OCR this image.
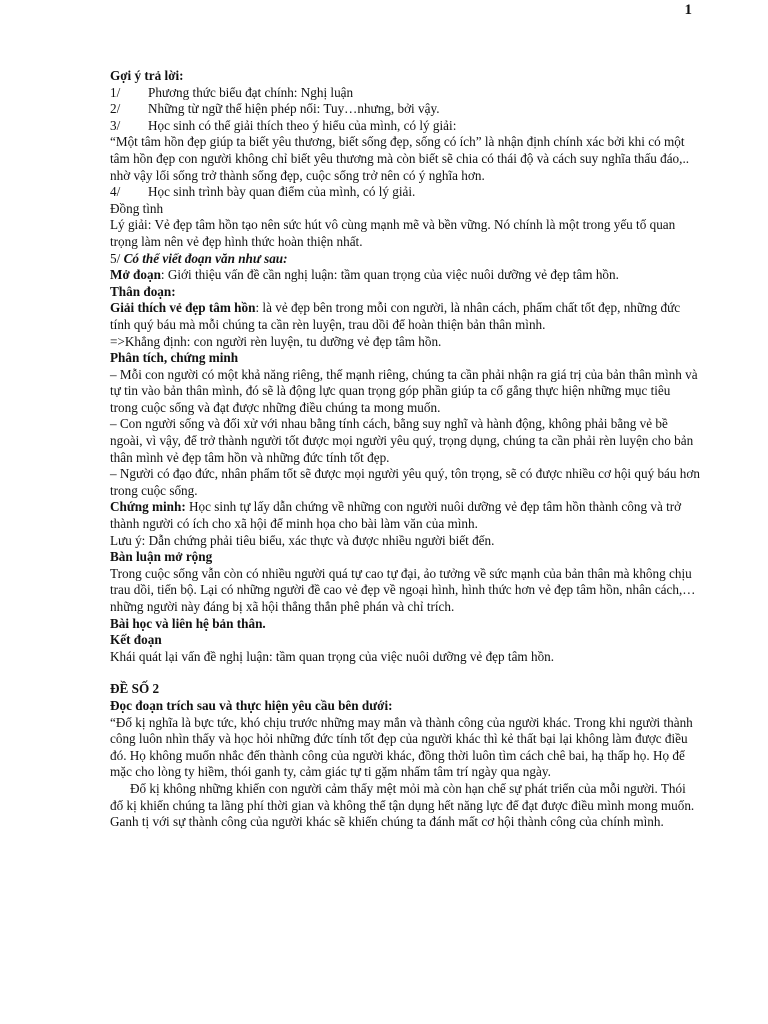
1

Gợi ý trả lời:

1/ Phương thức biểu đạt chính: Nghị luận

2/ Những từ ngữ thể hiện phép nối: Tuy…nhưng, bởi vậy.

3/ Học sinh có thể giải thích theo ý hiểu của mình, có lý giải:

“Một tâm hồn đẹp giúp ta biết yêu thương, biết sống đẹp, sống có ích” là nhận định chính xác bởi khi có một tâm hồn đẹp con người không chỉ biết yêu thương mà còn biết sẽ chia có thái độ và cách suy nghĩa thấu đáo,.. nhờ vậy lối sống trở thành sống đẹp, cuộc sống trở nên có ý nghĩa hơn.

4/ Học sinh trình bày quan điểm của mình, có lý giải.

Đồng tình

Lý giải: Vẻ đẹp tâm hồn tạo nên sức hút vô cùng mạnh mẽ và bền vững. Nó chính là một trong yếu tố quan trọng làm nên vẻ đẹp hình thức hoàn thiện nhất.

5/ Có thể viết đoạn văn như sau:

Mở đoạn: Giới thiệu vấn đề cần nghị luận: tầm quan trọng của việc nuôi dưỡng vẻ đẹp tâm hồn.

Thân đoạn:

Giải thích vẻ đẹp tâm hồn: là vẻ đẹp bên trong mỗi con người, là nhân cách, phẩm chất tốt đẹp, những đức tính quý báu mà mỗi chúng ta cần rèn luyện, trau dồi để hoàn thiện bản thân mình.

=>Khẳng định: con người rèn luyện, tu dưỡng vẻ đẹp tâm hồn.

Phân tích, chứng minh

– Mỗi con người có một khả năng riêng, thế mạnh riêng, chúng ta cần phải nhận ra giá trị của bản thân mình và tự tin vào bản thân mình, đó sẽ là động lực quan trọng góp phần giúp ta cố gắng thực hiện những mục tiêu trong cuộc sống và đạt được những điều chúng ta mong muốn.

– Con người sống và đối xử với nhau bằng tính cách, bằng suy nghĩ và hành động, không phải bằng vẻ bề ngoài, vì vậy, để trở thành người tốt được mọi người yêu quý, trọng dụng, chúng ta cần phải rèn luyện cho bản thân mình vẻ đẹp tâm hồn và những đức tính tốt đẹp.

– Người có đạo đức, nhân phẩm tốt sẽ được mọi người yêu quý, tôn trọng, sẽ có được nhiều cơ hội quý báu hơn trong cuộc sống.

Chứng minh: Học sinh tự lấy dẫn chứng về những con người nuôi dưỡng vẻ đẹp tâm hồn thành công và trở thành người có ích cho xã hội để minh họa cho bài làm văn của mình.

Lưu ý: Dẫn chứng phải tiêu biểu, xác thực và được nhiều người biết đến.

Bàn luận mở rộng

Trong cuộc sống vẫn còn có nhiều người quá tự cao tự đại, ảo tưởng về sức mạnh của bản thân mà không chịu trau dồi, tiến bộ. Lại có những người đề cao vẻ đẹp về ngoại hình, hình thức hơn vẻ đẹp tâm hồn, nhân cách,… những người này đáng bị xã hội thẳng thắn phê phán và chỉ trích.

Bài học và liên hệ bản thân.

Kết đoạn

Khái quát lại vấn đề nghị luận: tầm quan trọng của việc nuôi dưỡng vẻ đẹp tâm hồn.

ĐỀ SỐ 2

Đọc đoạn trích sau và thực hiện yêu cầu bên dưới:

“Đố kị nghĩa là bực tức, khó chịu trước những may mắn và thành công của người khác. Trong khi người thành công luôn nhìn thấy và học hỏi những đức tính tốt đẹp của người khác thì kẻ thất bại lại không làm được điều đó. Họ không muốn nhắc đến thành công của người khác, đồng thời luôn tìm cách chê bai, hạ thấp họ. Họ để mặc cho lòng ty hiềm, thói ganh ty, cảm giác tự ti gặm nhấm tâm trí ngày qua ngày.

Đố kị không những khiến con người cảm thấy mệt mỏi mà còn hạn chế sự phát triển của mỗi người. Thói đố kị khiến chúng ta lãng phí thời gian và không thể tận dụng hết năng lực để đạt được điều mình mong muốn. Ganh tị với sự thành công của người khác sẽ khiến chúng ta đánh mất cơ hội thành công của chính mình.
